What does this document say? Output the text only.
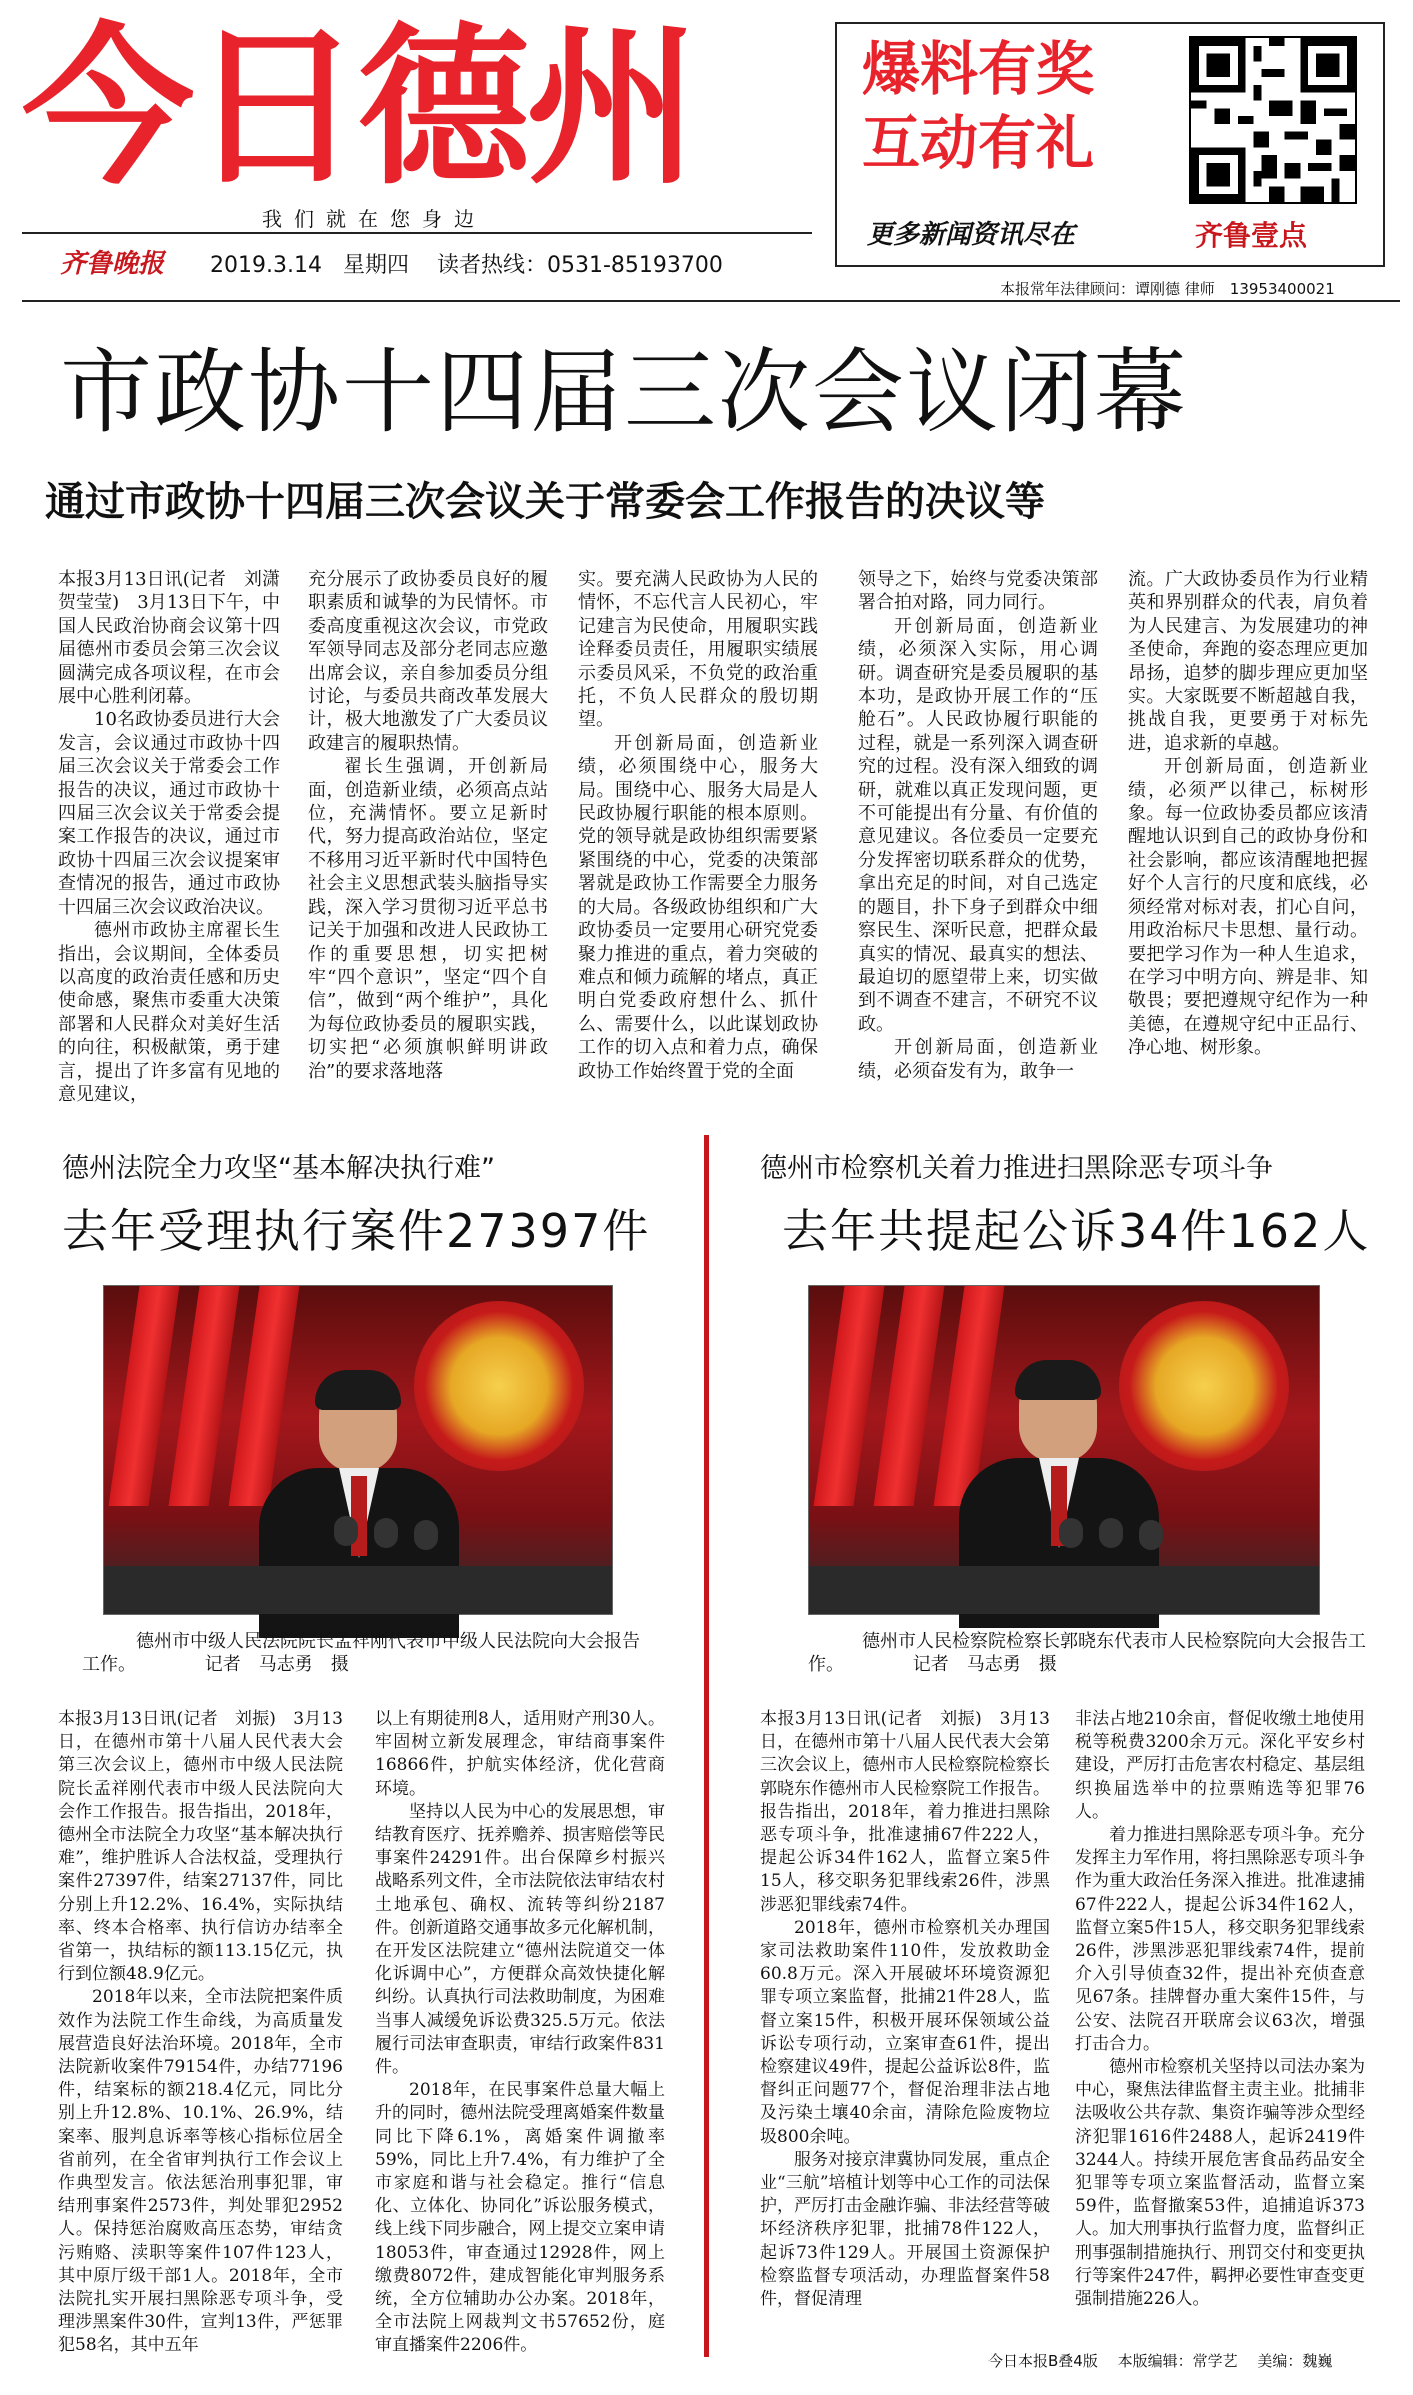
今日德州
我们就在您身边
齐鲁晚报 2019.3.14 星期四 读者热线：0531-85193700
爆料有奖
互动有礼
更多新闻资讯尽在	齐鲁壹点
本报常年法律顾问：谭刚德 律师　13953400021
市政协十四届三次会议闭幕
通过市政协十四届三次会议关于常委会工作报告的决议等

本报3月13日讯(记者　刘潇　贺莹莹)　3月13日下午，中国人民政治协商会议第十四届德州市委员会第三次会议圆满完成各项议程，在市会展中心胜利闭幕。

10名政协委员进行大会发言，会议通过市政协十四届三次会议关于常委会工作报告的决议，通过市政协十四届三次会议关于常委会提案工作报告的决议，通过市政协十四届三次会议提案审查情况的报告，通过市政协十四届三次会议政治决议。

德州市政协主席翟长生指出，会议期间，全体委员以高度的政治责任感和历史使命感，聚焦市委重大决策部署和人民群众对美好生活的向往，积极献策，勇于建言，提出了许多富有见地的意见建议，

充分展示了政协委员良好的履职素质和诚挚的为民情怀。市委高度重视这次会议，市党政军领导同志及部分老同志应邀出席会议，亲自参加委员分组讨论，与委员共商改革发展大计，极大地激发了广大委员议政建言的履职热情。

翟长生强调，开创新局面，创造新业绩，必须高点站位，充满情怀。要立足新时代，努力提高政治站位，坚定不移用习近平新时代中国特色社会主义思想武装头脑指导实践，深入学习贯彻习近平总书记关于加强和改进人民政协工作的重要思想，切实把树牢“四个意识”，坚定“四个自信”，做到“两个维护”，具化为每位政协委员的履职实践，切实把“必须旗帜鲜明讲政治”的要求落地落

实。要充满人民政协为人民的情怀，不忘代言人民初心，牢记建言为民使命，用履职实践诠释委员责任，用履职实绩展示委员风采，不负党的政治重托，不负人民群众的殷切期望。

开创新局面，创造新业绩，必须围绕中心，服务大局。围绕中心、服务大局是人民政协履行职能的根本原则。党的领导就是政协组织需要紧紧围绕的中心，党委的决策部署就是政协工作需要全力服务的大局。各级政协组织和广大政协委员一定要用心研究党委聚力推进的重点，着力突破的难点和倾力疏解的堵点，真正明白党委政府想什么、抓什么、需要什么，以此谋划政协工作的切入点和着力点，确保政协工作始终置于党的全面

领导之下，始终与党委决策部署合拍对路，同力同行。

开创新局面，创造新业绩，必须深入实际，用心调研。调查研究是委员履职的基本功，是政协开展工作的“压舱石”。人民政协履行职能的过程，就是一系列深入调查研究的过程。没有深入细致的调研，就难以真正发现问题，更不可能提出有分量、有价值的意见建议。各位委员一定要充分发挥密切联系群众的优势，拿出充足的时间，对自己选定的题目，扑下身子到群众中细察民生、深听民意，把群众最真实的情况、最真实的想法、最迫切的愿望带上来，切实做到不调查不建言，不研究不议政。

开创新局面，创造新业绩，必须奋发有为，敢争一

流。广大政协委员作为行业精英和界别群众的代表，肩负着为人民建言、为发展建功的神圣使命，奔跑的姿态理应更加昂扬，追梦的脚步理应更加坚实。大家既要不断超越自我，挑战自我，更要勇于对标先进，追求新的卓越。

开创新局面，创造新业绩，必须严以律己，标树形象。每一位政协委员都应该清醒地认识到自己的政协身份和社会影响，都应该清醒地把握好个人言行的尺度和底线，必须经常对标对表，扪心自问，用政治标尺卡思想、量行动。要把学习作为一种人生追求，在学习中明方向、辨是非、知敬畏；要把遵规守纪作为一种美德，在遵规守纪中正品行、净心地、树形象。

德州法院全力攻坚“基本解决执行难”
去年受理执行案件27397件
德州市中级人民法院院长孟祥刚代表市中级人民法院向大会报告工作。　　　　	记者　马志勇　摄

本报3月13日讯(记者　刘振)　3月13日，在德州市第十八届人民代表大会第三次会议上，德州市中级人民法院院长孟祥刚代表市中级人民法院向大会作工作报告。报告指出，2018年，德州全市法院全力攻坚“基本解决执行难”，维护胜诉人合法权益，受理执行案件27397件，结案27137件，同比分别上升12.2%、16.4%，实际执结率、终本合格率、执行信访办结率全省第一，执结标的额113.15亿元，执行到位额48.9亿元。

2018年以来，全市法院把案件质效作为法院工作生命线，为高质量发展营造良好法治环境。2018年，全市法院新收案件79154件，办结77196件，结案标的额218.4亿元，同比分别上升12.8%、10.1%、26.9%，结案率、服判息诉率等核心指标位居全省前列，在全省审判执行工作会议上作典型发言。依法惩治刑事犯罪，审结刑事案件2573件，判处罪犯2952人。保持惩治腐败高压态势，审结贪污贿赂、渎职等案件107件123人，其中原厅级干部1人。2018年，全市法院扎实开展扫黑除恶专项斗争，受理涉黑案件30件，宣判13件，严惩罪犯58名，其中五年

以上有期徒刑8人，适用财产刑30人。牢固树立新发展理念，审结商事案件16866件，护航实体经济，优化营商环境。

坚持以人民为中心的发展思想，审结教育医疗、抚养赡养、损害赔偿等民事案件24291件。出台保障乡村振兴战略系列文件，全市法院依法审结农村土地承包、确权、流转等纠纷2187件。创新道路交通事故多元化解机制，在开发区法院建立“德州法院道交一体化诉调中心”，方便群众高效快捷化解纠纷。认真执行司法救助制度，为困难当事人减缓免诉讼费325.5万元。依法履行司法审查职责，审结行政案件831件。

2018年，在民事案件总量大幅上升的同时，德州法院受理离婚案件数量同比下降6.1%，离婚案件调撤率59%，同比上升7.4%，有力维护了全市家庭和谐与社会稳定。推行“信息化、立体化、协同化”诉讼服务模式，线上线下同步融合，网上提交立案申请18053件，审查通过12928件，网上缴费8072件，建成智能化审判服务系统，全方位辅助办公办案。2018年，全市法院上网裁判文书57652份，庭审直播案件2206件。

德州市检察机关着力推进扫黑除恶专项斗争
去年共提起公诉34件162人
德州市人民检察院检察长郭晓东代表市人民检察院向大会报告工作。　　　　	记者　马志勇　摄

本报3月13日讯(记者　刘振)　3月13日，在德州市第十八届人民代表大会第三次会议上，德州市人民检察院检察长郭晓东作德州市人民检察院工作报告。报告指出，2018年，着力推进扫黑除恶专项斗争，批准逮捕67件222人，提起公诉34件162人，监督立案5件15人，移交职务犯罪线索26件，涉黑涉恶犯罪线索74件。

2018年，德州市检察机关办理国家司法救助案件110件，发放救助金60.8万元。深入开展破坏环境资源犯罪专项立案监督，批捕21件28人，监督立案15件，积极开展环保领域公益诉讼专项行动，立案审查61件，提出检察建议49件，提起公益诉讼8件，监督纠正问题77个，督促治理非法占地及污染土壤40余亩，清除危险废物垃圾800余吨。

服务对接京津冀协同发展，重点企业“三航”培植计划等中心工作的司法保护，严厉打击金融诈骗、非法经营等破坏经济秩序犯罪，批捕78件122人，起诉73件129人。开展国土资源保护检察监督专项活动，办理监督案件58件，督促清理

非法占地210余亩，督促收缴土地使用税等税费3200余万元。深化平安乡村建设，严厉打击危害农村稳定、基层组织换届选举中的拉票贿选等犯罪76人。

着力推进扫黑除恶专项斗争。充分发挥主力军作用，将扫黑除恶专项斗争作为重大政治任务深入推进。批准逮捕67件222人，提起公诉34件162人，监督立案5件15人，移交职务犯罪线索26件，涉黑涉恶犯罪线索74件，提前介入引导侦查32件，提出补充侦查意见67条。挂牌督办重大案件15件，与公安、法院召开联席会议63次，增强打击合力。

德州市检察机关坚持以司法办案为中心，聚焦法律监督主责主业。批捕非法吸收公共存款、集资诈骗等涉众型经济犯罪1616件2488人，起诉2419件3244人。持续开展危害食品药品安全犯罪等专项立案监督活动，监督立案59件，监督撤案53件，追捕追诉373人。加大刑事执行监督力度，监督纠正刑事强制措施执行、刑罚交付和变更执行等案件247件，羁押必要性审查变更强制措施226人。

今日本报B叠4版　 本版编辑：常学艺　 美编：魏巍
